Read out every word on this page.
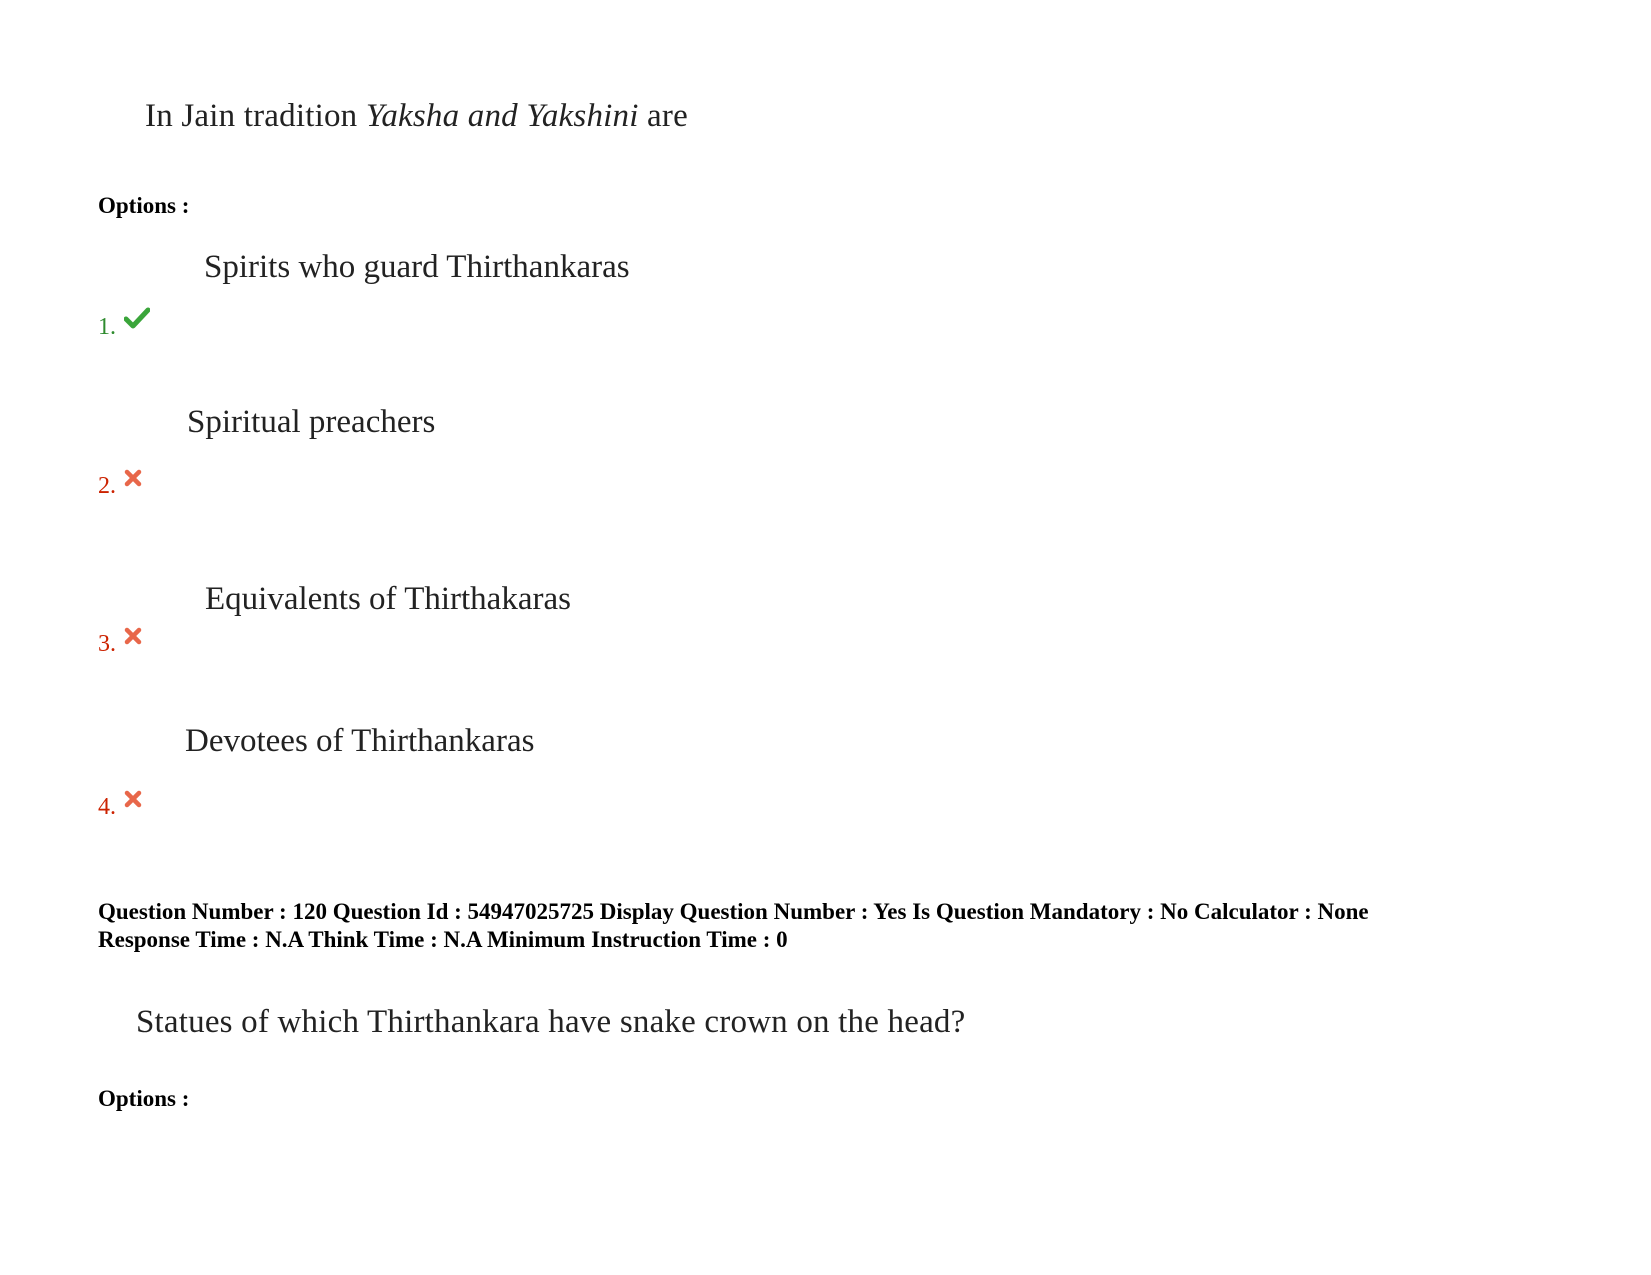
In Jain tradition Yaksha and Yakshini are
Options :
Spirits who guard Thirthankaras
1.
Spiritual preachers
2.
Equivalents of Thirthakaras
3.
Devotees of Thirthankaras
4.
Question Number : 120 Question Id : 54947025725 Display Question Number : Yes Is Question Mandatory : No Calculator : None
Response Time : N.A Think Time : N.A Minimum Instruction Time : 0
Statues of which Thirthankara have snake crown on the head?
Options :
